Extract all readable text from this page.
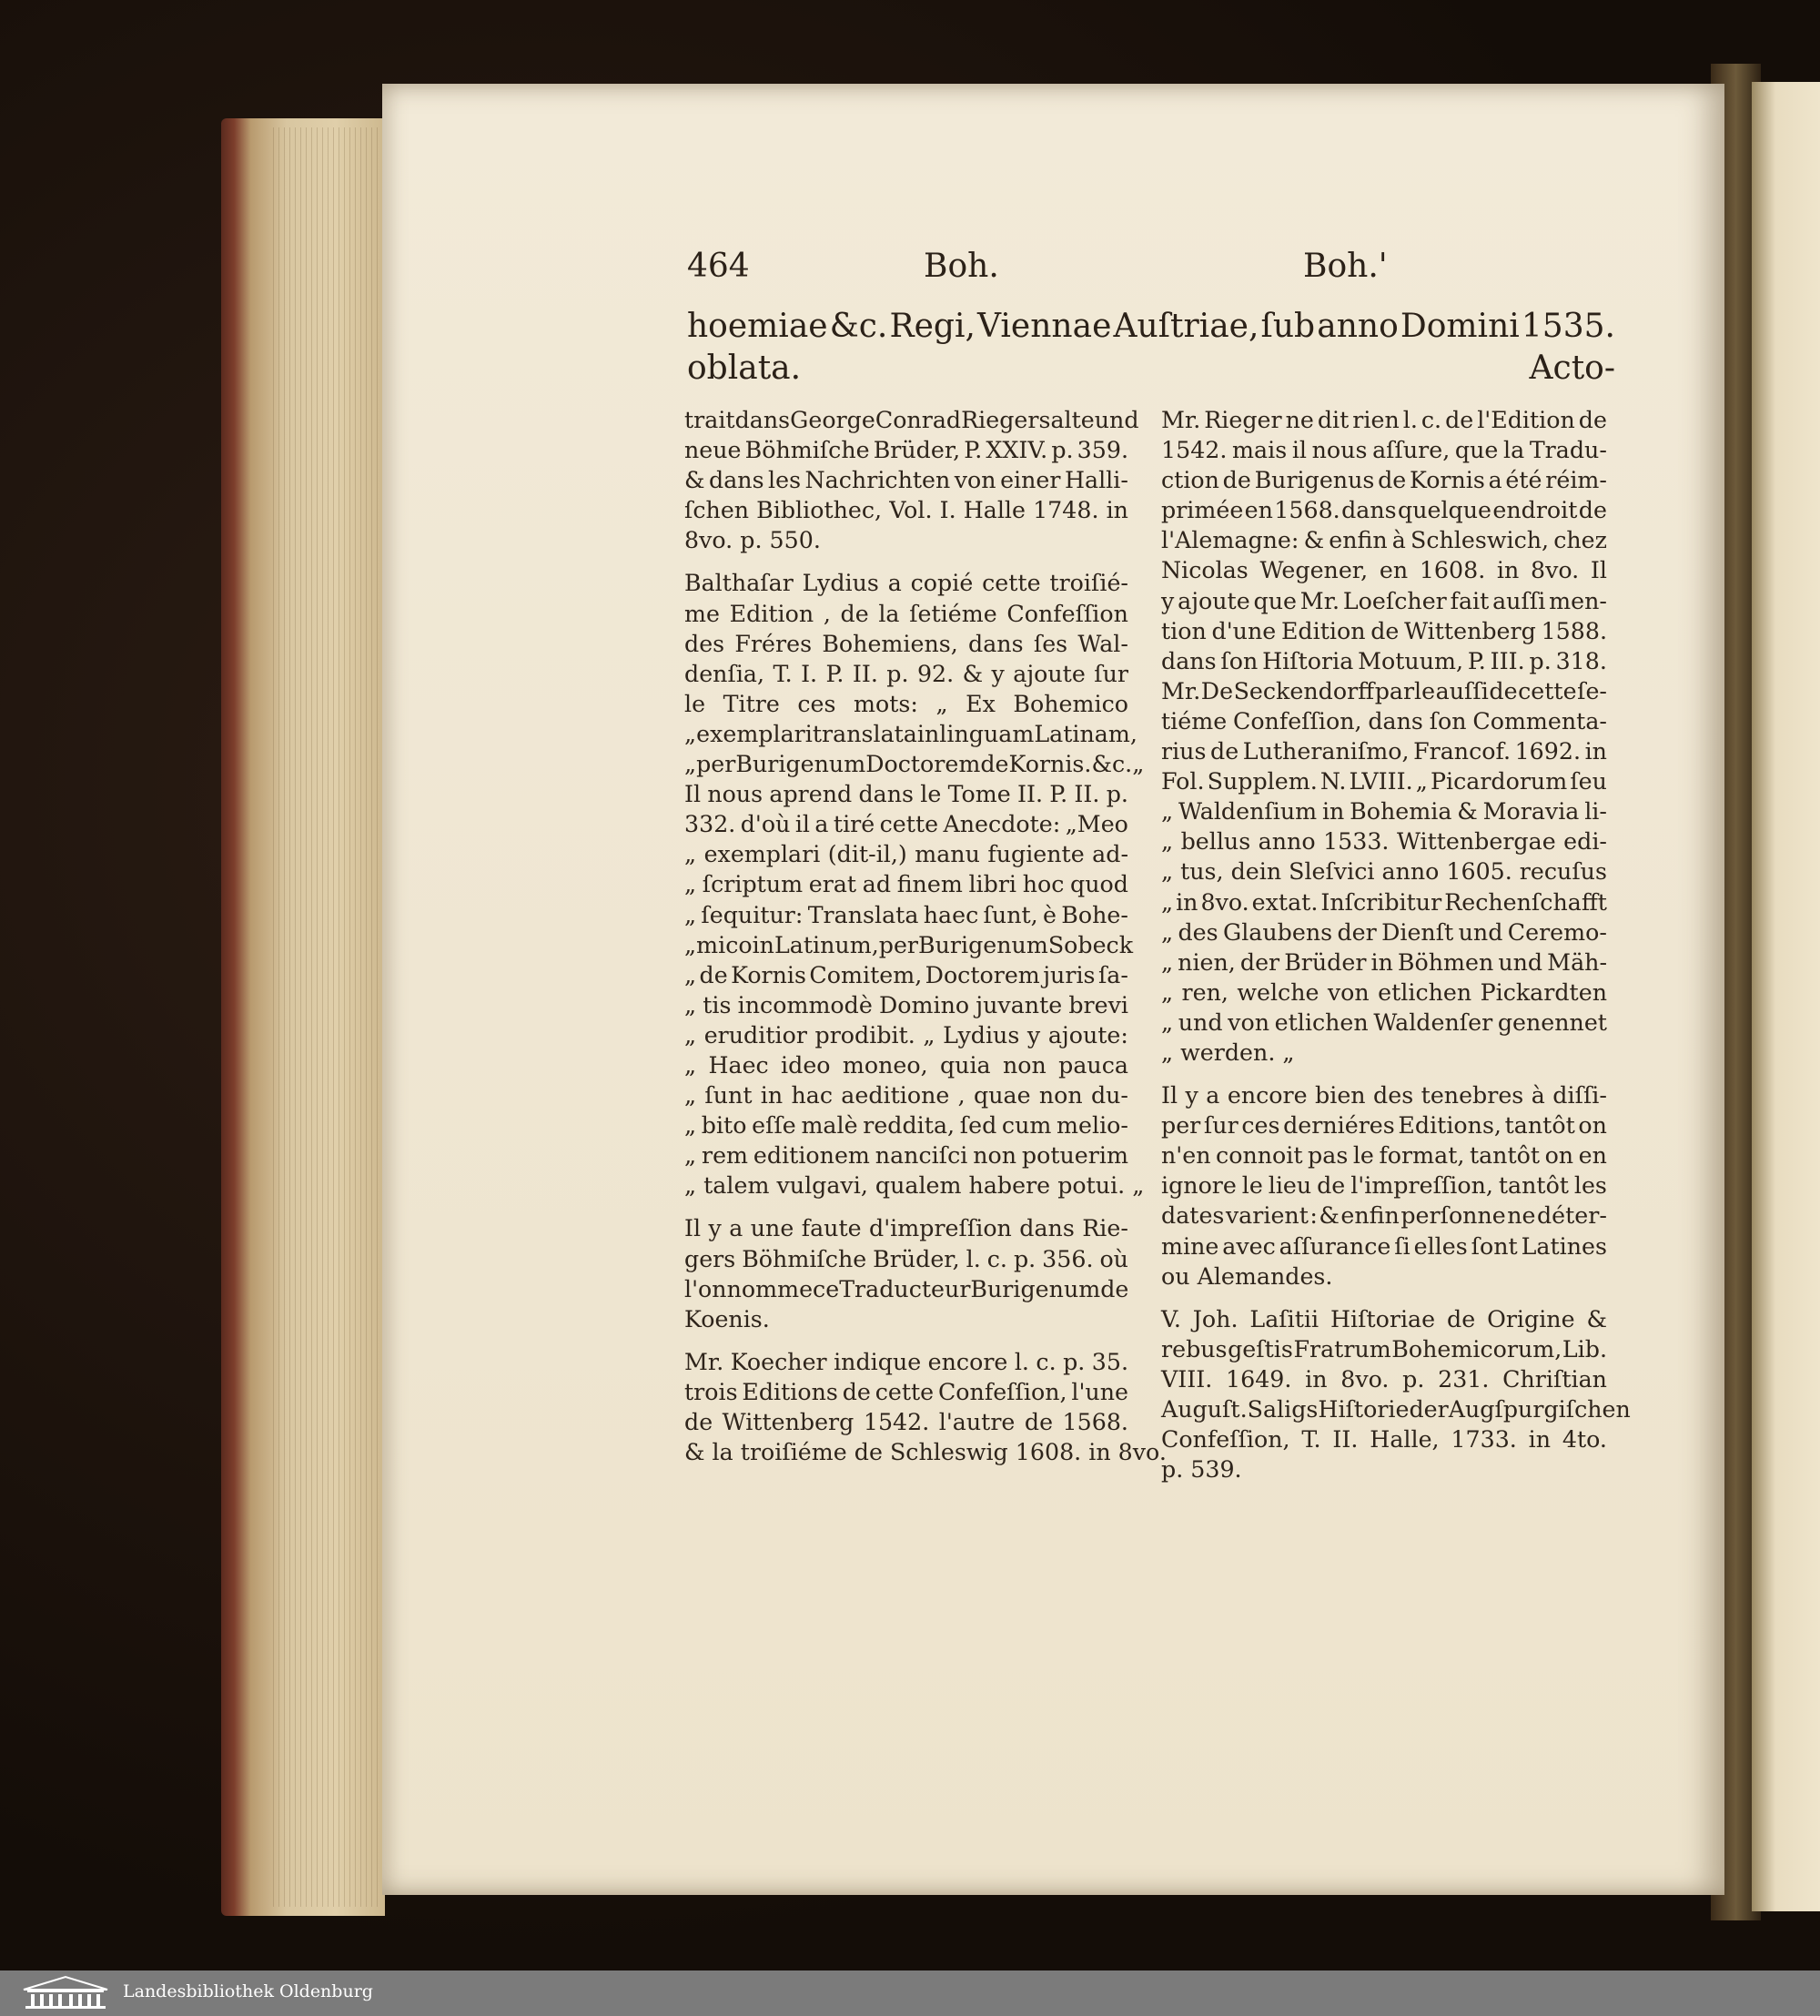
464	Boh.	Boh.'
hoemiae &c. Regi, Viennae Auſtriae, ſub anno Domini 1535.
oblata.	Acto-
trait dans George Conrad Riegers alte und
neue Böhmiſche Brüder, P. XXIV. p. 359.
& dans les Nachrichten von einer Halli-
ſchen Bibliothec, Vol. I. Halle 1748. in
8vo. p. 550.
Balthaſar Lydius a copié cette troiſié-
me Edition , de la ſetiéme Confeſſion
des Fréres Bohemiens, dans ſes Wal-
denſia, T. I. P. II. p. 92. & y ajoute ſur
le Titre ces mots: „ Ex Bohemico
„ exemplari translata in linguam Latinam,
„ per Burigenum Doctorem de Kornis. &c. „
Il nous aprend dans le Tome II. P. II. p.
332. d'où il a tiré cette Anecdote: „Meo
„ exemplari (dit-il,) manu fugiente ad-
„ ſcriptum erat ad finem libri hoc quod
„ ſequitur: Translata haec ſunt, è Bohe-
„ mico in Latinum, per Burigenum Sobeck
„ de Kornis Comitem, Doctorem juris ſa-
„ tis incommodè Domino juvante brevi
„ eruditior prodibit. „ Lydius y ajoute:
„ Haec ideo moneo, quia non pauca
„ ſunt in hac aeditione , quae non du-
„ bito eſſe malè reddita, ſed cum melio-
„ rem editionem nanciſci non potuerim
„ talem vulgavi, qualem habere potui. „
Il y a une faute d'impreſſion dans Rie-
gers Böhmiſche Brüder, l. c. p. 356. où
l'on nomme ce Traducteur Burigenum de
Koenis.
Mr. Koecher indique encore l. c. p. 35.
trois Editions de cette Confeſſion, l'une
de Wittenberg 1542. l'autre de 1568.
& la troiſiéme de Schleswig 1608. in 8vo.
Mr. Rieger ne dit rien l. c. de l'Edition de
1542. mais il nous aſſure, que la Tradu-
ction de Burigenus de Kornis a été réim-
primée en 1568. dans quelque endroit de
l'Alemagne: & enfin à Schleswich, chez
Nicolas Wegener, en 1608. in 8vo. Il
y ajoute que Mr. Loeſcher fait auſſi men-
tion d'une Edition de Wittenberg 1588.
dans ſon Hiſtoria Motuum, P. III. p. 318.
Mr. De Seckendorff parle auſſi de cette ſe-
tiéme Confeſſion, dans ſon Commenta-
rius de Lutheraniſmo, Francof. 1692. in
Fol. Supplem. N. LVIII. „ Picardorum ſeu
„ Waldenſium in Bohemia & Moravia li-
„ bellus anno 1533. Wittenbergae edi-
„ tus, dein Sleſvici anno 1605. recuſus
„ in 8vo. extat. Inſcribitur Rechenſchafft
„ des Glaubens der Dienſt und Ceremo-
„ nien, der Brüder in Böhmen und Mäh-
„ ren, welche von etlichen Pickardten
„ und von etlichen Waldenſer genennet
„ werden. „
Il y a encore bien des tenebres à diſſi-
per ſur ces derniéres Editions, tantôt on
n'en connoit pas le format, tantôt on en
ignore le lieu de l'impreſſion, tantôt les
dates varient : & enfin perſonne ne déter-
mine avec aſſurance ſi elles ſont Latines
ou Alemandes.
V. Joh. Laſitii Hiſtoriae de Origine &
rebus geſtis Fratrum Bohemicorum, Lib.
VIII. 1649. in 8vo. p. 231. Chriſtian
Auguſt. Saligs Hiſtorie der Augſpurgiſchen
Confeſſion, T. II. Halle, 1733. in 4to.
p. 539.
Landesbibliothek Oldenburg
